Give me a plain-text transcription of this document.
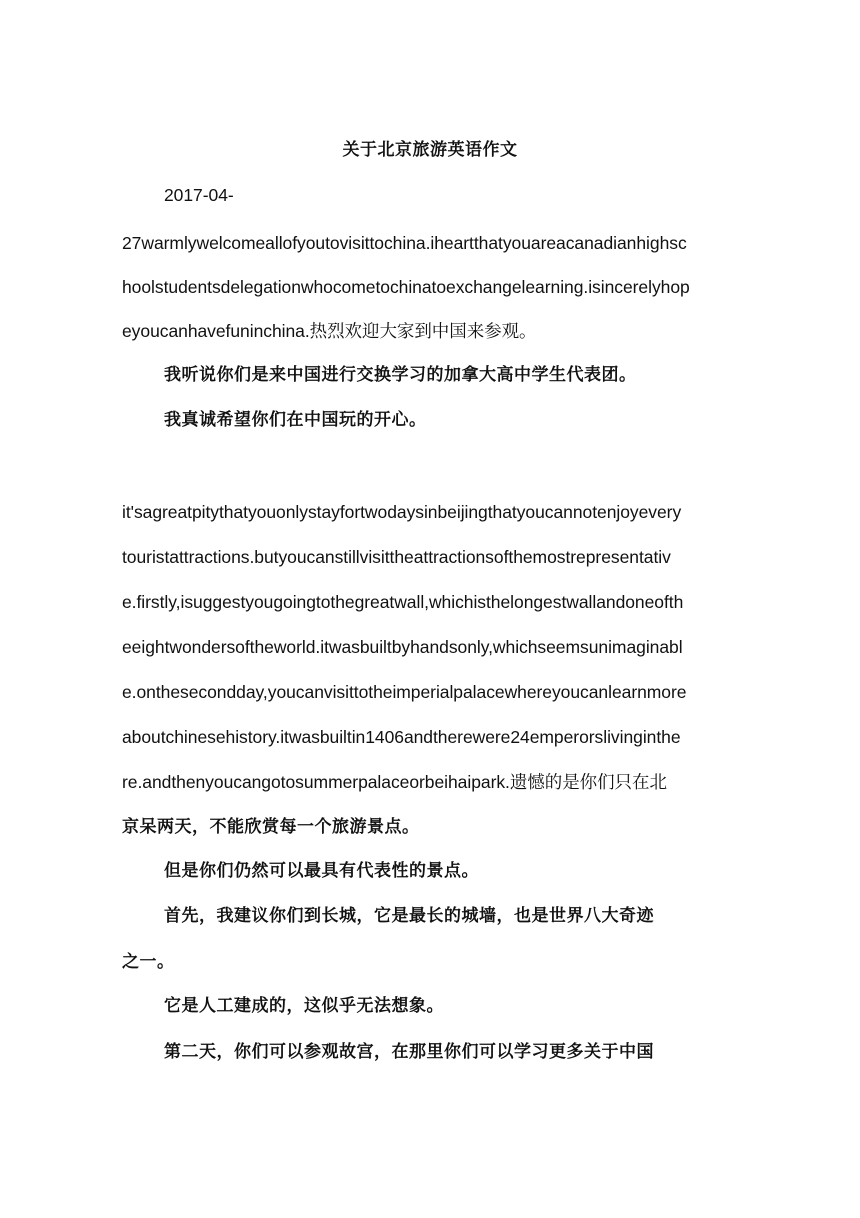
关于北京旅游英语作文
2017-04-
27warmlywelcomeallofyoutovisittochina.iheartthatyouareacanadianhighsc
hoolstudentsdelegationwhocometochinatoexchangelearning.isincerelyhop
eyoucanhavefuninchina.热烈欢迎大家到中国来参观。
我听说你们是来中国进行交换学习的加拿大高中学生代表团。
我真诚希望你们在中国玩的开心。
it'sagreatpitythatyouonlystayfortwodaysinbeijingthatyoucannotenjoyevery
touristattractions.butyoucanstillvisittheattractionsofthemostrepresentativ
e.firstly,isuggestyougoingtothegreatwall,whichisthelongestwallandoneofth
eeightwondersoftheworld.itwasbuiltbyhandsonly,whichseemsunimaginabl
e.onthesecondday,youcanvisittotheimperialpalacewhereyoucanlearnmore
aboutchinesehistory.itwasbuiltin1406andtherewere24emperorslivinginthe
re.andthenyoucangotosummerpalaceorbeihaipark.遗憾的是你们只在北
京呆两天，不能欣赏每一个旅游景点。
但是你们仍然可以最具有代表性的景点。
首先，我建议你们到长城，它是最长的城墙，也是世界八大奇迹
之一。
它是人工建成的，这似乎无法想象。
第二天，你们可以参观故宫，在那里你们可以学习更多关于中国
